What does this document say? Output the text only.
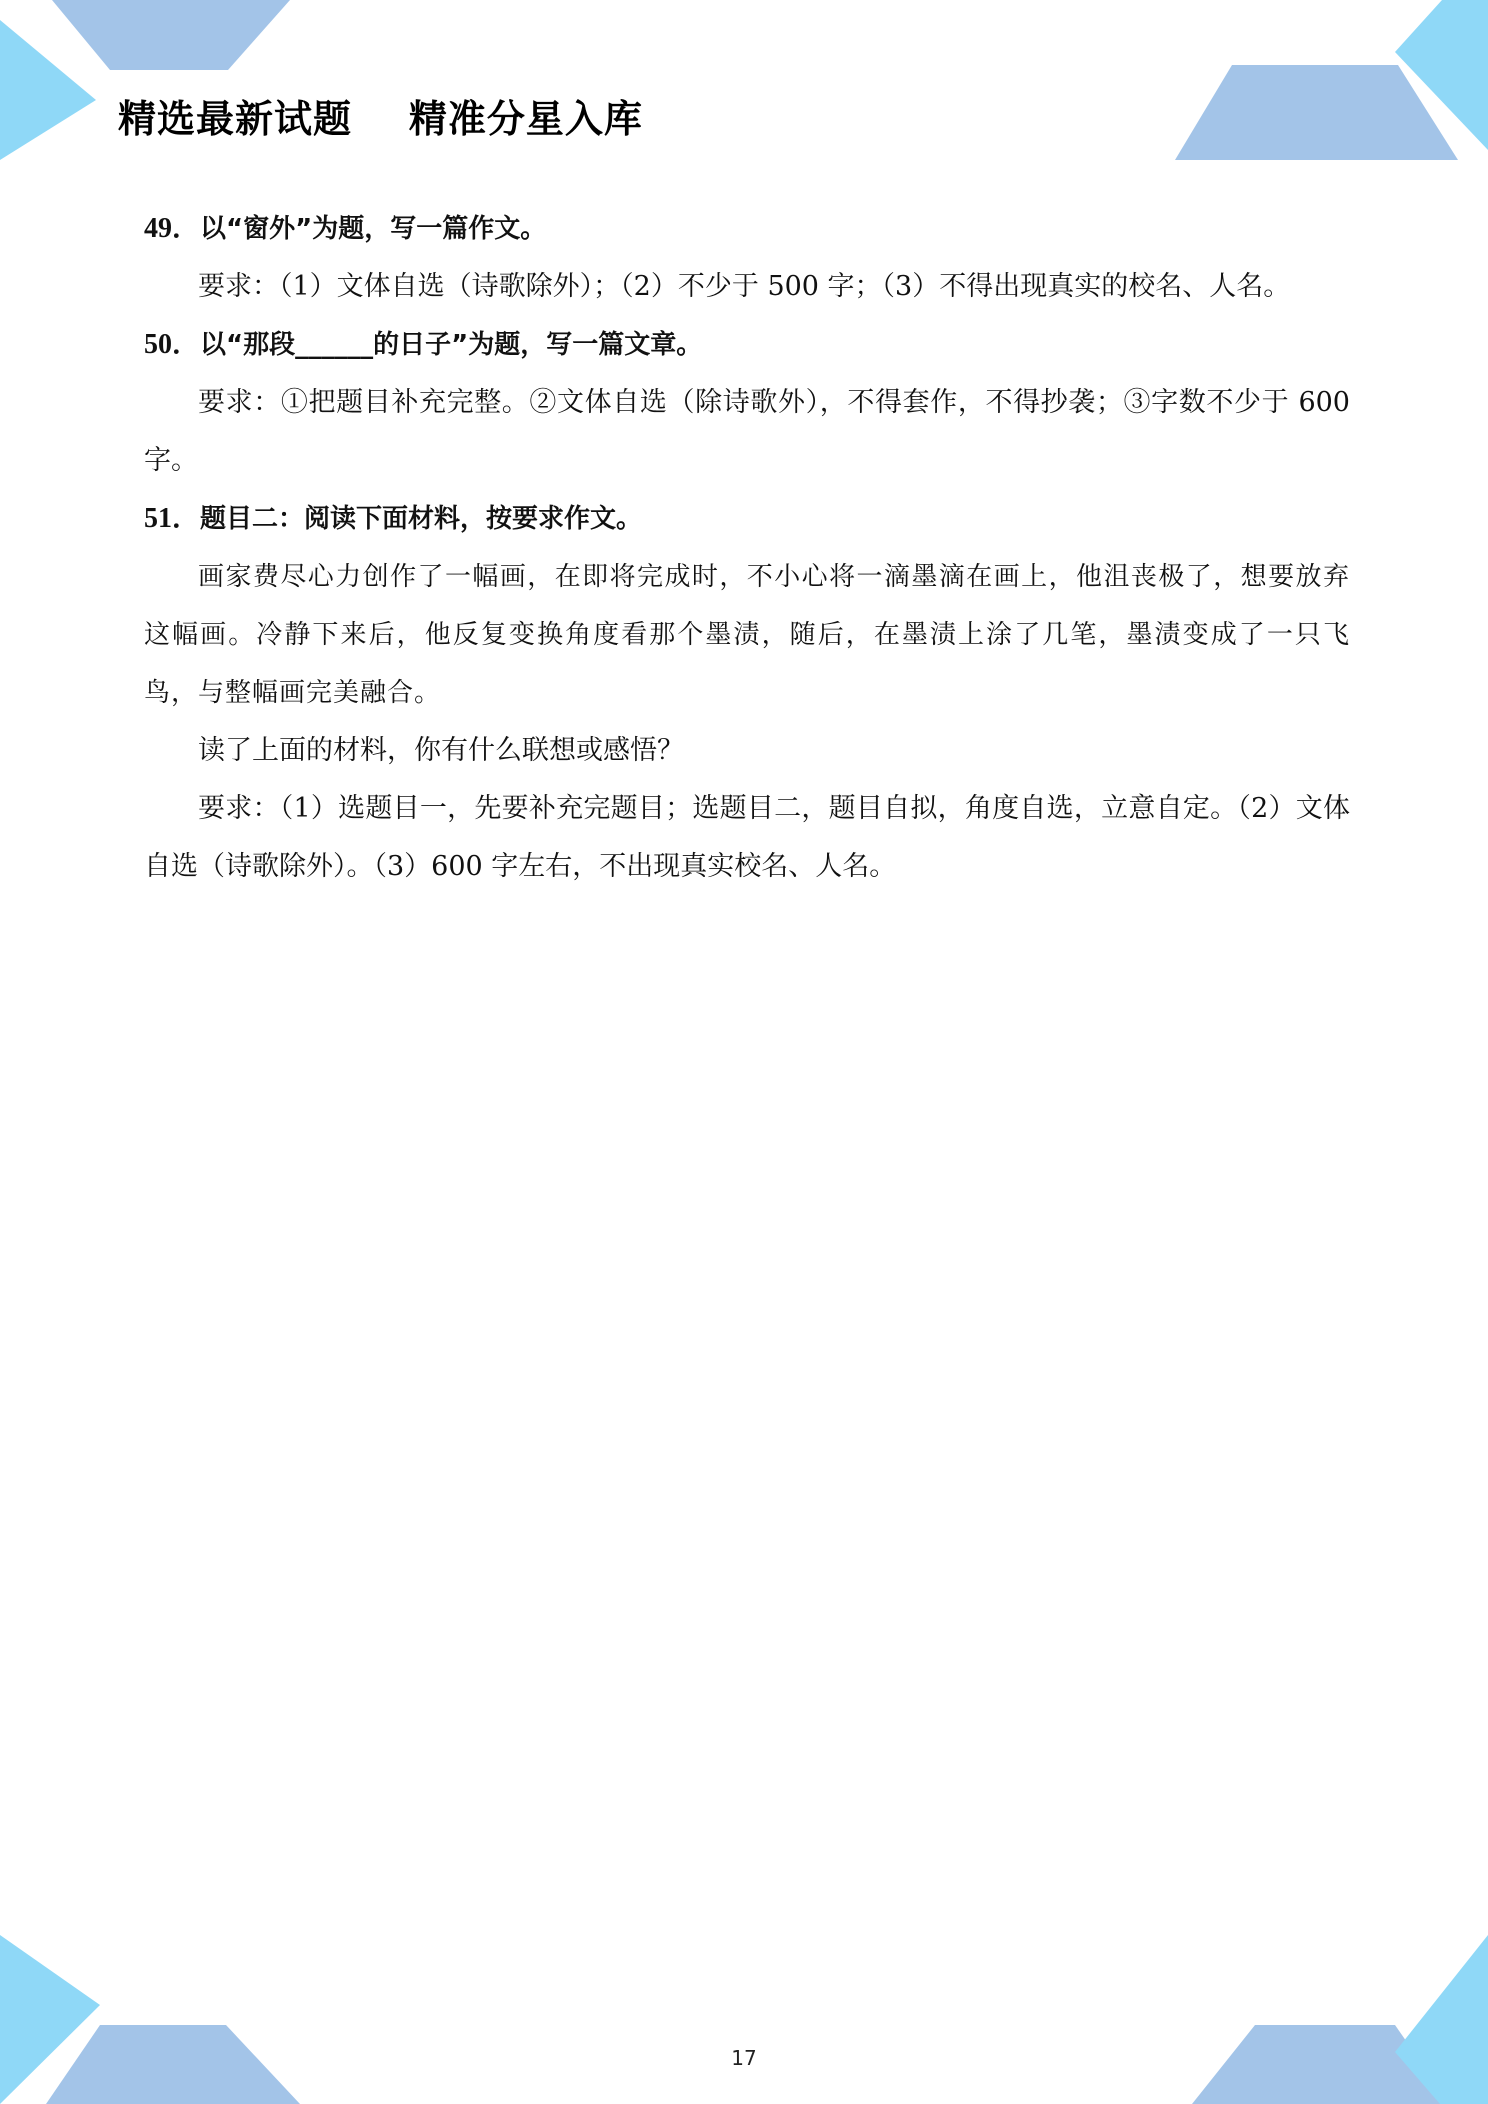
精选最新试题    精准分星入库

49．以“窗外”为题，写一篇作文。

要求：（1）文体自选（诗歌除外）；（2）不少于 500 字；（3）不得出现真实的校名、人名。

50．以“那段______的日子”为题，写一篇文章。

要求：①把题目补充完整。②文体自选（除诗歌外），不得套作，不得抄袭；③字数不少于 600 字。

51．题目二：阅读下面材料，按要求作文。

画家费尽心力创作了一幅画，在即将完成时，不小心将一滴墨滴在画上，他沮丧极了，想要放弃这幅画。冷静下来后，他反复变换角度看那个墨渍，随后，在墨渍上涂了几笔，墨渍变成了一只飞鸟，与整幅画完美融合。

读了上面的材料，你有什么联想或感悟？

要求：（1）选题目一，先要补充完题目；选题目二，题目自拟，角度自选，立意自定。（2）文体自选（诗歌除外）。（3）600 字左右，不出现真实校名、人名。

17
